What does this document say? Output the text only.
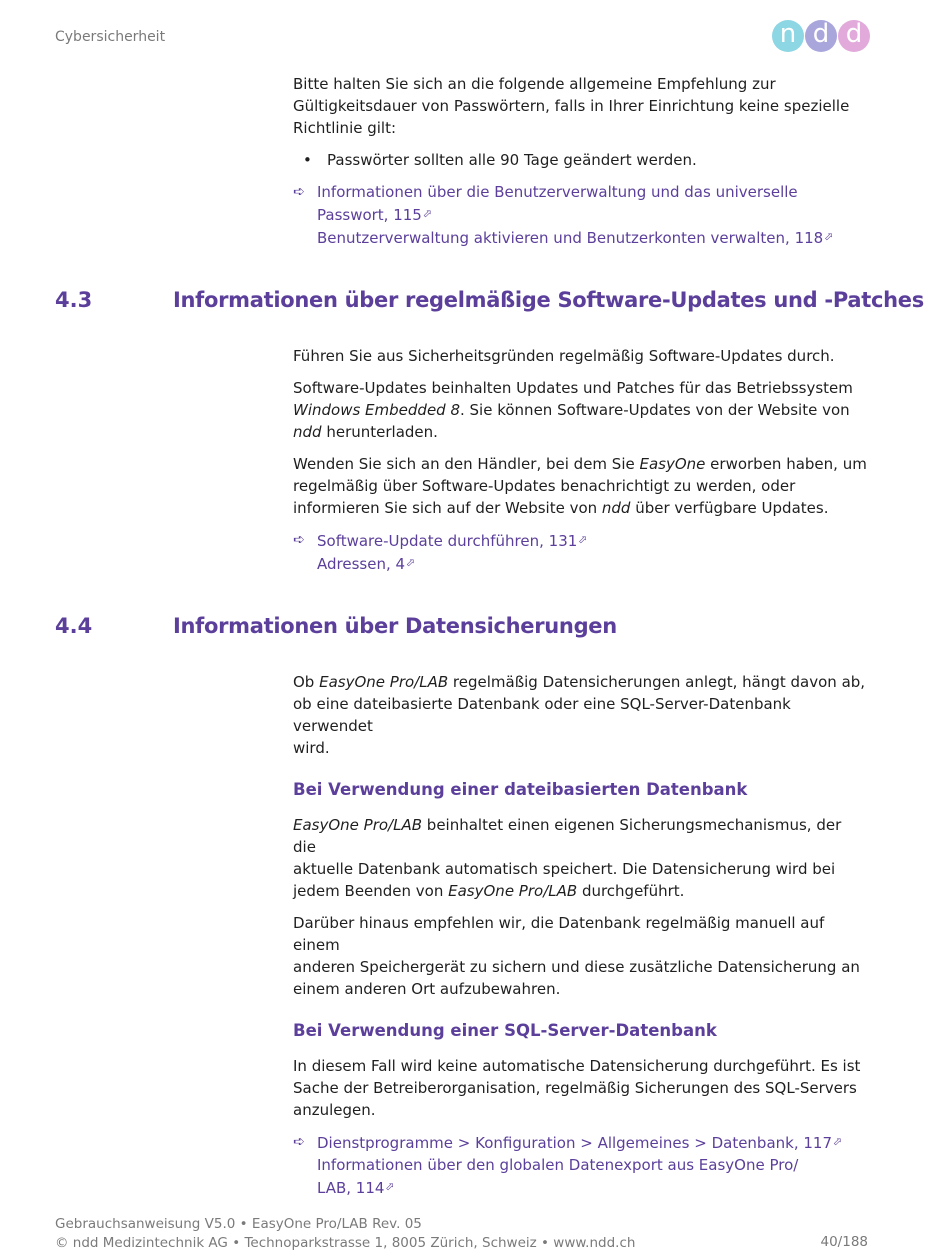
Cybersicherheit	n d d

Bitte halten Sie sich an die folgende allgemeine Empfehlung zur
Gültigkeitsdauer von Passwörtern, falls in Ihrer Einrichtung keine spezielle
Richtlinie gilt:

• Passwörter sollten alle 90 Tage geändert werden.
➪ Informationen über die Benutzerverwaltung und das universelle
Passwort, 115⬀
Benutzerverwaltung aktivieren und Benutzerkonten verwalten, 118⬀
4.3	Informationen über regelmäßige Software-Updates und -Patches

Führen Sie aus Sicherheitsgründen regelmäßig Software-Updates durch.

Software-Updates beinhalten Updates und Patches für das Betriebssystem
Windows Embedded 8. Sie können Software-Updates von der Website von
ndd herunterladen.

Wenden Sie sich an den Händler, bei dem Sie EasyOne erworben haben, um
regelmäßig über Software-Updates benachrichtigt zu werden, oder
informieren Sie sich auf der Website von ndd über verfügbare Updates.

➪ Software-Update durchführen, 131⬀
Adressen, 4⬀
4.4	Informationen über Datensicherungen

Ob EasyOne Pro/LAB regelmäßig Datensicherungen anlegt, hängt davon ab,
ob eine dateibasierte Datenbank oder eine SQL-Server-Datenbank verwendet
wird.

Bei Verwendung einer dateibasierten Datenbank

EasyOne Pro/LAB beinhaltet einen eigenen Sicherungsmechanismus, der die
aktuelle Datenbank automatisch speichert. Die Datensicherung wird bei
jedem Beenden von EasyOne Pro/LAB durchgeführt.

Darüber hinaus empfehlen wir, die Datenbank regelmäßig manuell auf einem
anderen Speichergerät zu sichern und diese zusätzliche Datensicherung an
einem anderen Ort aufzubewahren.

Bei Verwendung einer SQL-Server-Datenbank

In diesem Fall wird keine automatische Datensicherung durchgeführt. Es ist
Sache der Betreiberorganisation, regelmäßig Sicherungen des SQL-Servers
anzulegen.

➪ Dienstprogramme > Konfiguration > Allgemeines > Datenbank, 117⬀
Informationen über den globalen Datenexport aus EasyOne Pro/
LAB, 114⬀
Gebrauchsanweisung V5.0 • EasyOne Pro/LAB Rev. 05
© ndd Medizintechnik AG • Technoparkstrasse 1, 8005 Zürich, Schweiz • www.ndd.ch	40/188
